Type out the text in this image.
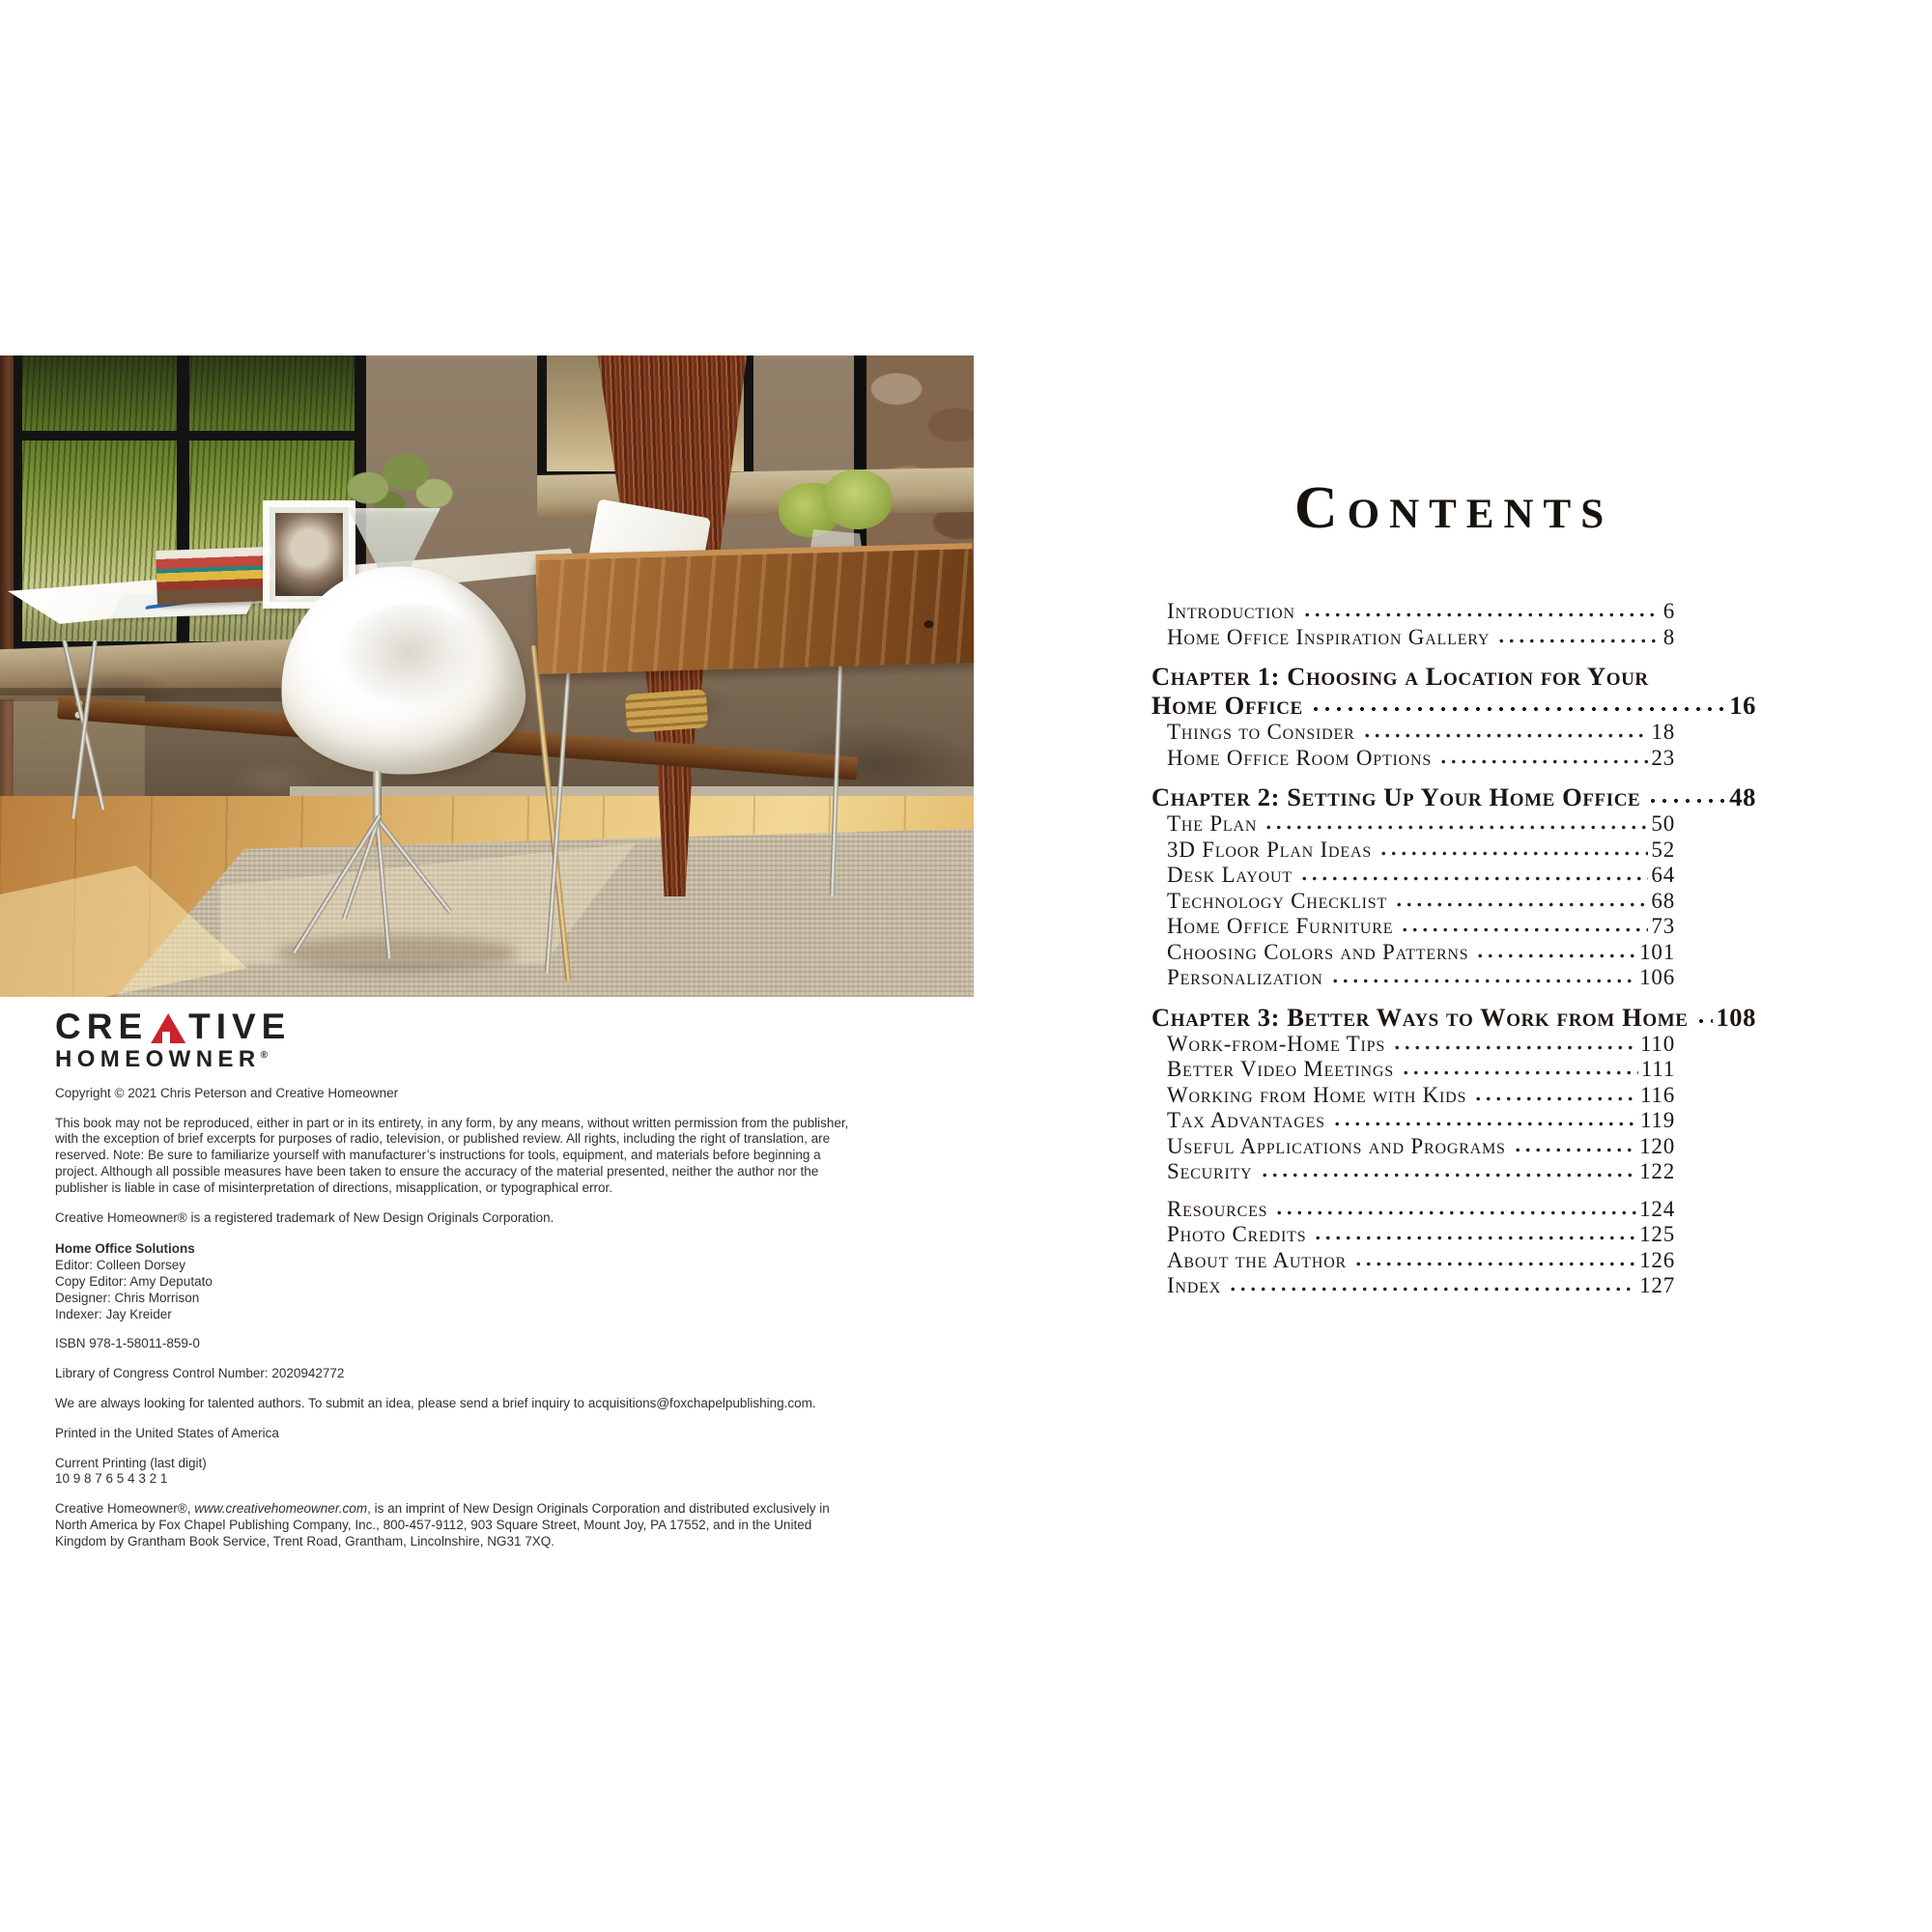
CRE TIVE
HOMEOWNER®

Copyright © 2021 Chris Peterson and Creative Homeowner

This book may not be reproduced, either in part or in its entirety, in any form, by any means, without written permission from the publisher, with the exception of brief excerpts for purposes of radio, television, or published review. All rights, including the right of translation, are reserved. Note: Be sure to familiarize yourself with manufacturer’s instructions for tools, equipment, and materials before beginning a project. Although all possible measures have been taken to ensure the accuracy of the material presented, neither the author nor the publisher is liable in case of misinterpretation of directions, misapplication, or typographical error.

Creative Homeowner® is a registered trademark of New Design Originals Corporation.

Home Office Solutions

Editor: Colleen Dorsey

Copy Editor: Amy Deputato

Designer: Chris Morrison

Indexer: Jay Kreider

ISBN 978-1-58011-859-0

Library of Congress Control Number: 2020942772

We are always looking for talented authors. To submit an idea, please send a brief inquiry to acquisitions@foxchapelpublishing.com.

Printed in the United States of America

Current Printing (last digit)

10 9 8 7 6 5 4 3 2 1

Creative Homeowner®, www.creativehomeowner.com, is an imprint of New Design Originals Corporation and distributed exclusively in North America by Fox Chapel Publishing Company, Inc., 800-457-9112, 903 Square Street, Mount Joy, PA 17552, and in the United Kingdom by Grantham Book Service, Trent Road, Grantham, Lincolnshire, NG31 7XQ.

Contents
Introduction	6
Home Office Inspiration Gallery	8
Chapter 1: Choosing a Location for Your
Home Office	16
Things to Consider	18
Home Office Room Options	23
Chapter 2: Setting Up Your Home Office	48
The Plan	50
3D Floor Plan Ideas	52
Desk Layout	64
Technology Checklist	68
Home Office Furniture	73
Choosing Colors and Patterns	101
Personalization	106
Chapter 3: Better Ways to Work from Home 108
Work-from-Home Tips	110
Better Video Meetings	111
Working from Home with Kids	116
Tax Advantages	119
Useful Applications and Programs	120
Security	122
Resources	124
Photo Credits	125
About the Author	126
Index	127
